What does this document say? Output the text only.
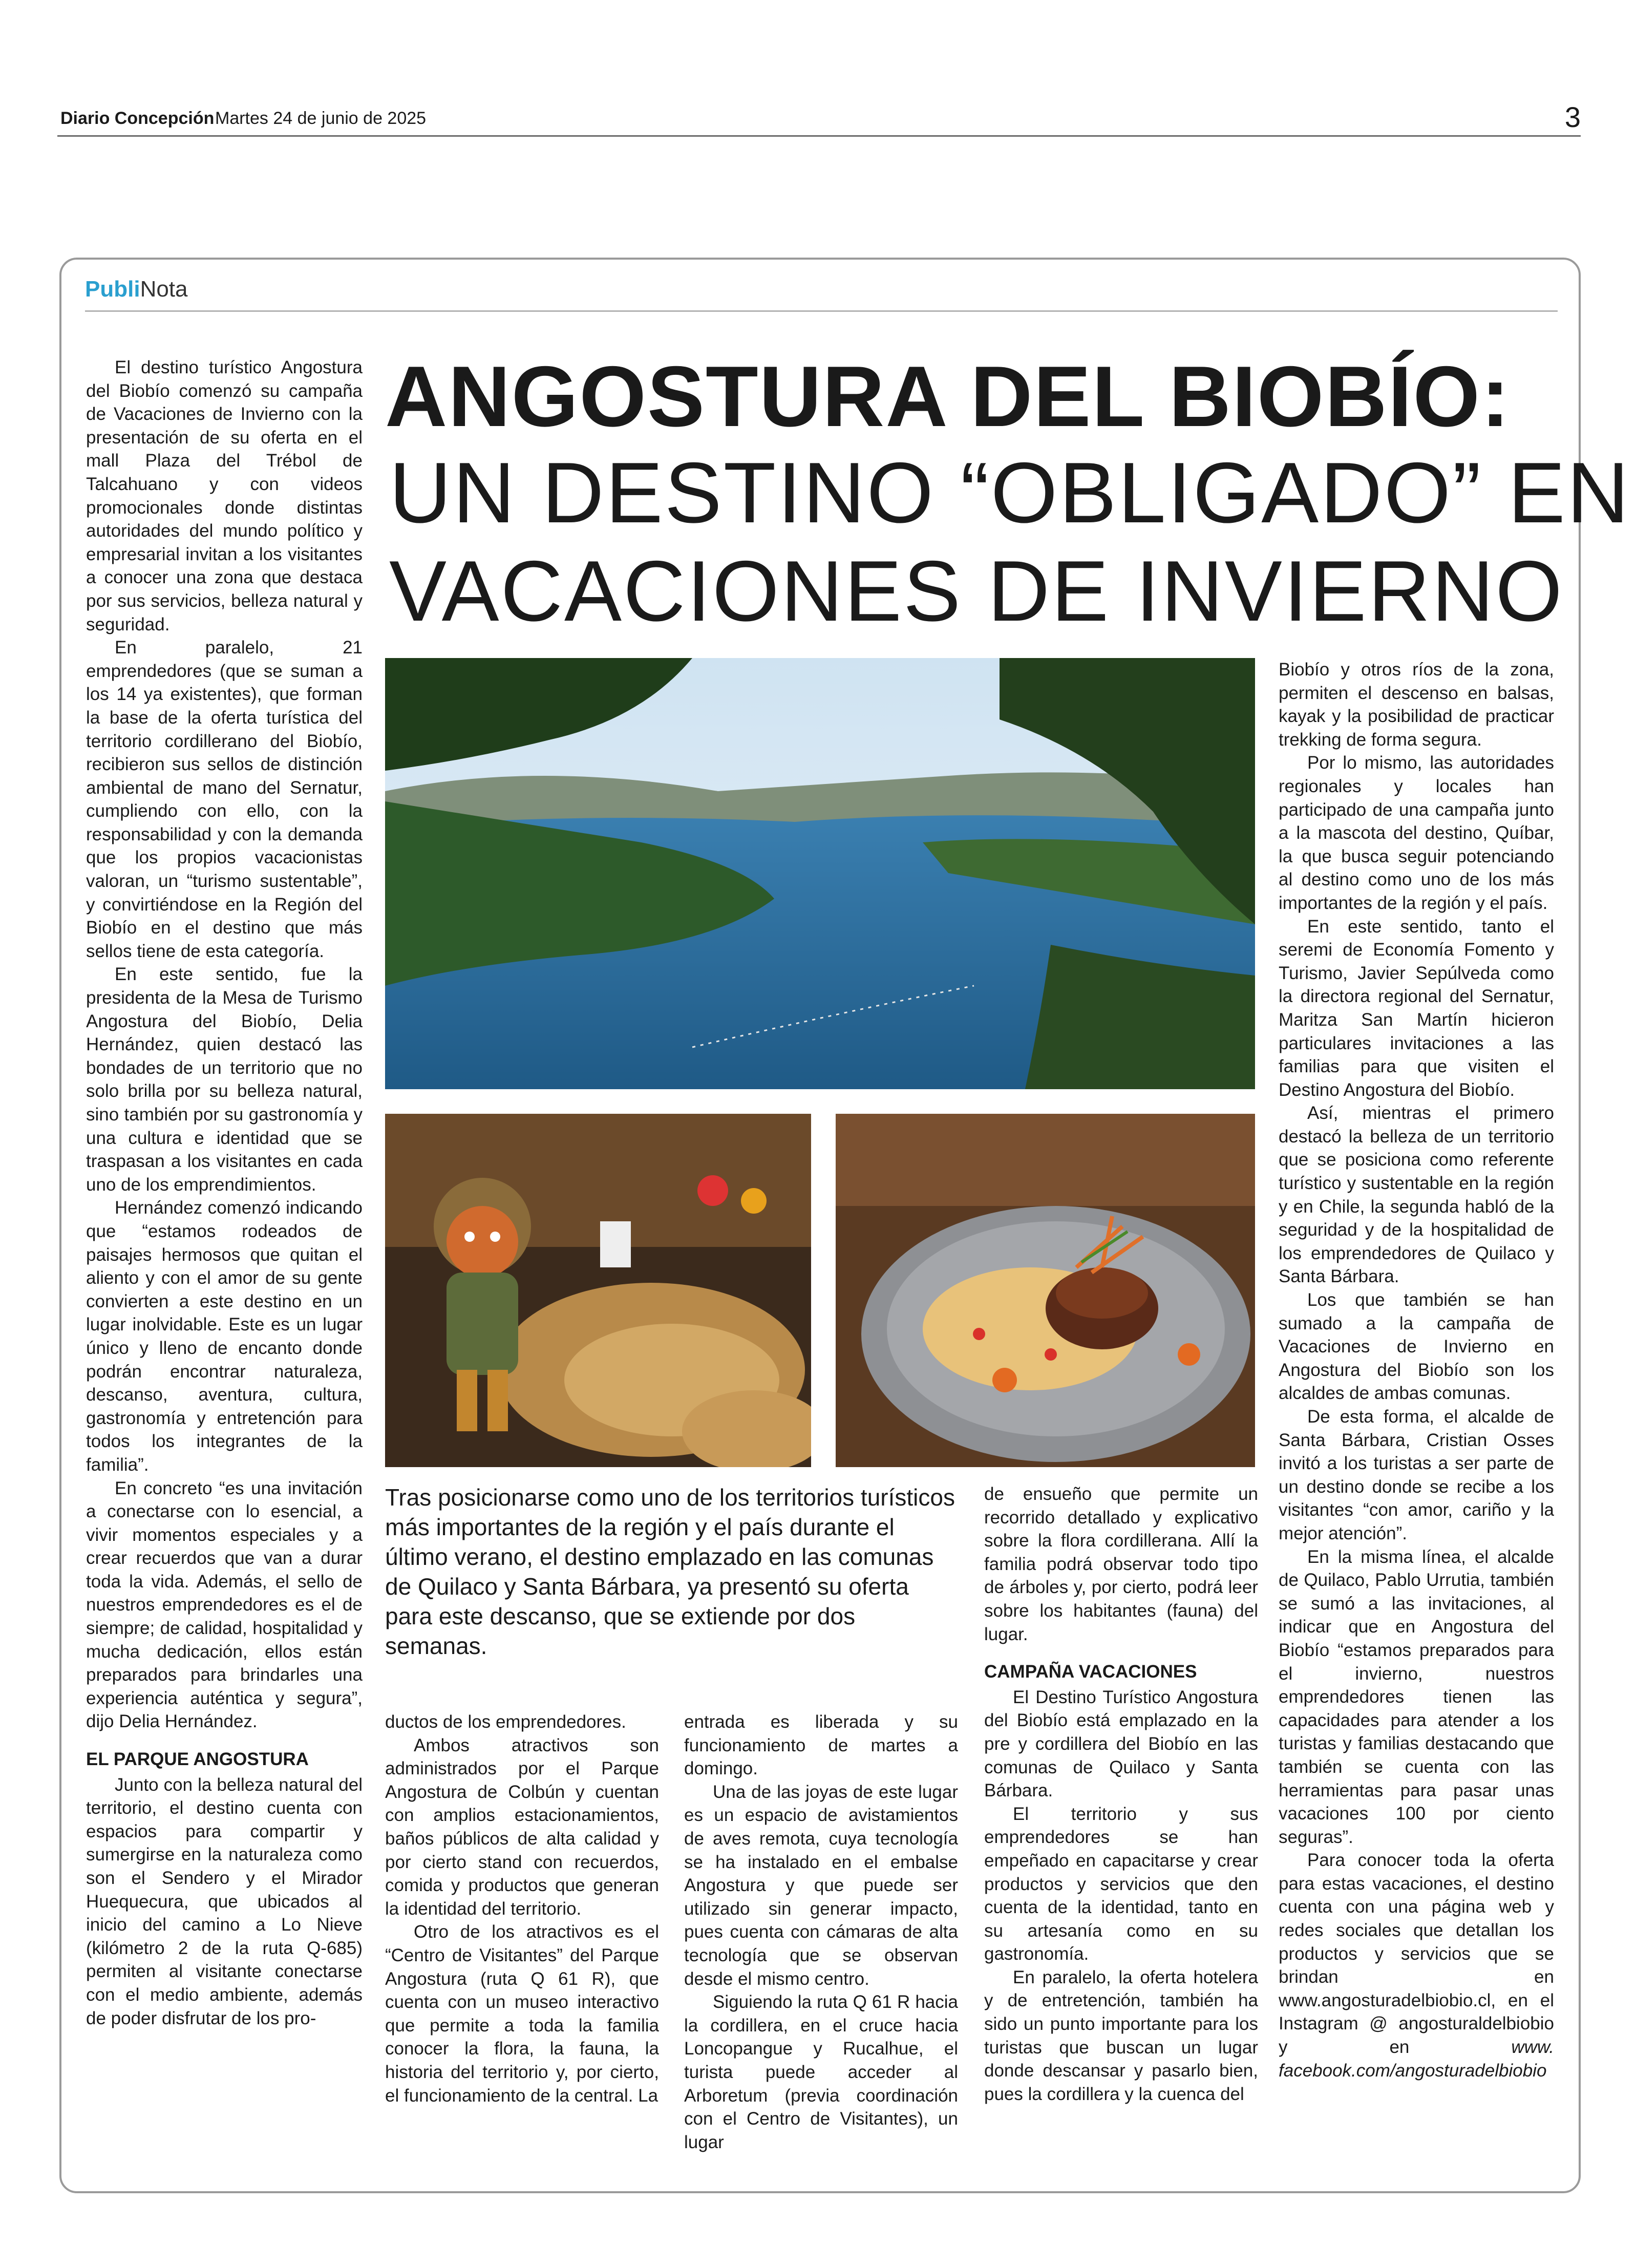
Diario Concepción Martes 24 de junio de 2025	3
PubliNota
ANGOSTURA DEL BIOBÍO:
UN DESTINO “OBLIGADO” EN
VACACIONES DE INVIERNO

El destino turístico Angostura del Biobío comenzó su campaña de Vacaciones de Invierno con la presentación de su oferta en el mall Plaza del Trébol de Talcahuano y con videos promocionales donde distintas autoridades del mundo político y empresarial invitan a los visitantes a conocer una zona que destaca por sus servicios, belleza natural y seguridad.

En paralelo, 21 emprendedores (que se suman a los 14 ya existentes), que forman la base de la oferta turística del territorio cordillerano del Biobío, recibieron sus sellos de distinción ambiental de mano del Sernatur, cumpliendo con ello, con la responsabilidad y con la demanda que los propios vacacionistas valoran, un “turismo sustentable”, y convirtiéndose en la Región del Biobío en el destino que más sellos tiene de esta categoría.

En este sentido, fue la presidenta de la Mesa de Turismo Angostura del Biobío, Delia Hernández, quien destacó las bondades de un territorio que no solo brilla por su belleza natural, sino también por su gastronomía y una cultura e identidad que se traspasan a los visitantes en cada uno de los emprendimientos.

Hernández comenzó indicando que “estamos rodeados de paisajes hermosos que quitan el aliento y con el amor de su gente convierten a este destino en un lugar inolvidable. Este es un lugar único y lleno de encanto donde podrán encontrar naturaleza, descanso, aventura, cultura, gastronomía y entretención para todos los integrantes de la familia”.

En concreto “es una invitación a conectarse con lo esencial, a vivir momentos especiales y a crear recuerdos que van a durar toda la vida. Además, el sello de nuestros emprendedores es el de siempre; de calidad, hospitalidad y mucha dedicación, ellos están preparados para brindarles una experiencia auténtica y segura”, dijo Delia Hernández.

EL PARQUE ANGOSTURA

Junto con la belleza natural del territorio, el destino cuenta con espacios para compartir y sumergirse en la naturaleza como son el Sendero y el Mirador Huequecura, que ubicados al inicio del camino a Lo Nieve (kilómetro 2 de la ruta Q-685) permiten al visitante conectarse con el medio ambiente, además de poder disfrutar de los pro-

Tras posicionarse como uno de los territorios turísticos más importantes de la región y el país durante el último verano, el destino emplazado en las comunas de Quilaco y Santa Bárbara, ya presentó su oferta para este descanso, que se extiende por dos semanas.

ductos de los emprendedores.

Ambos atractivos son administrados por el Parque Angostura de Colbún y cuentan con amplios estacionamientos, baños públicos de alta calidad y por cierto stand con recuerdos, comida y productos que generan la identidad del territorio.

Otro de los atractivos es el “Centro de Visitantes” del Parque Angostura (ruta Q 61 R), que cuenta con un museo interactivo que permite a toda la familia conocer la flora, la fauna, la historia del territorio y, por cierto, el funcionamiento de la central. La

entrada es liberada y su funcionamiento de martes a domingo.

Una de las joyas de este lugar es un espacio de avistamientos de aves remota, cuya tecnología se ha instalado en el embalse Angostura y que puede ser utilizado sin generar impacto, pues cuenta con cámaras de alta tecnología que se observan desde el mismo centro.

Siguiendo la ruta Q 61 R hacia la cordillera, en el cruce hacia Loncopangue y Rucalhue, el turista puede acceder al Arboretum (previa coordinación con el Centro de Visitantes), un lugar

de ensueño que permite un recorrido detallado y explicativo sobre la flora cordillerana. Allí la familia podrá observar todo tipo de árboles y, por cierto, podrá leer sobre los habitantes (fauna) del lugar.

CAMPAÑA VACACIONES

El Destino Turístico Angostura del Biobío está emplazado en la pre y cordillera del Biobío en las comunas de Quilaco y Santa Bárbara.

El territorio y sus emprendedores se han empeñado en capacitarse y crear productos y servicios que den cuenta de la identidad, tanto en su artesanía como en su gastronomía.

En paralelo, la oferta hotelera y de entretención, también ha sido un punto importante para los turistas que buscan un lugar donde descansar y pasarlo bien, pues la cordillera y la cuenca del

Biobío y otros ríos de la zona, permiten el descenso en balsas, kayak y la posibilidad de practicar trekking de forma segura.

Por lo mismo, las autoridades regionales y locales han participado de una campaña junto a la mascota del destino, Quíbar, la que busca seguir potenciando al destino como uno de los más importantes de la región y el país.

En este sentido, tanto el seremi de Economía Fomento y Turismo, Javier Sepúlveda como la directora regional del Sernatur, Maritza San Martín hicieron particulares invitaciones a las familias para que visiten el Destino Angostura del Biobío.

Así, mientras el primero destacó la belleza de un territorio que se posiciona como referente turístico y sustentable en la región y en Chile, la segunda habló de la seguridad y de la hospitalidad de los emprendedores de Quilaco y Santa Bárbara.

Los que también se han sumado a la campaña de Vacaciones de Invierno en Angostura del Biobío son los alcaldes de ambas comunas.

De esta forma, el alcalde de Santa Bárbara, Cristian Osses invitó a los turistas a ser parte de un destino donde se recibe a los visitantes “con amor, cariño y la mejor atención”.

En la misma línea, el alcalde de Quilaco, Pablo Urrutia, también se sumó a las invitaciones, al indicar que en Angostura del Biobío “estamos preparados para el invierno, nuestros emprendedores tienen las capacidades para atender a los turistas y familias destacando que también se cuenta con las herramientas para pasar unas vacaciones 100 por ciento seguras”.

Para conocer toda la oferta para estas vacaciones, el destino cuenta con una página web y redes sociales que detallan los productos y servicios que se brindan en www.angosturadelbiobio.cl, en el Instagram @ angosturaldelbiobio y en	www. facebook.com/angosturadelbiobio
